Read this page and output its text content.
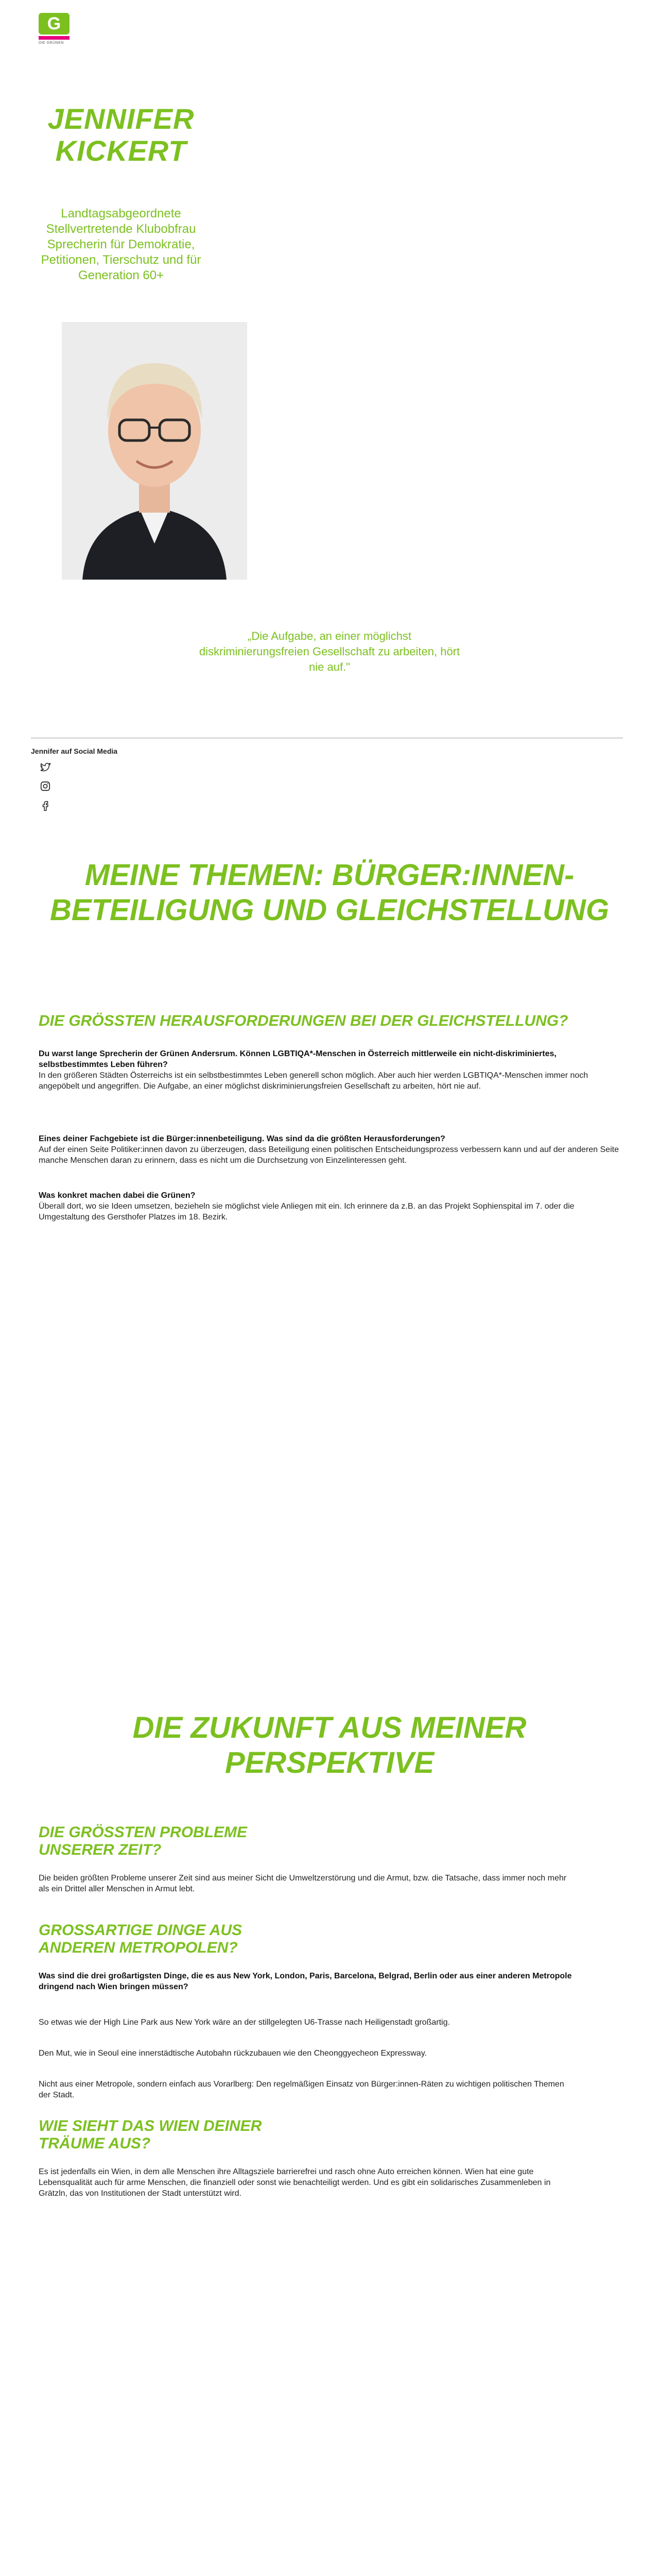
G
DIE GRÜNEN
JENNIFER KICKERT
Landtagsabgeordnete
Stellvertretende Klubobfrau
Sprecherin für Demokratie,
Petitionen, Tierschutz und für
Generation 60+
„Die Aufgabe, an einer möglichst diskriminierungsfreien Gesellschaft zu arbeiten, hört nie auf."
Jennifer auf Social Media
MEINE THEMEN: BÜRGER:INNEN-BETEILIGUNG UND GLEICHSTELLUNG
DIE GRÖSSTEN HERAUSFORDERUNGEN BEI DER GLEICHSTELLUNG?
Du warst lange Sprecherin der Grünen Andersrum. Können LGBTIQA*-Menschen in Österreich mittlerweile ein nicht-diskriminiertes, selbstbestimmtes Leben führen?
In den größeren Städten Österreichs ist ein selbstbestimmtes Leben generell schon möglich. Aber auch hier werden LGBTIQA*-Menschen immer noch angepöbelt und angegriffen. Die Aufgabe, an einer möglichst diskriminierungsfreien Gesellschaft zu arbeiten, hört nie auf.
Eines deiner Fachgebiete ist die Bürger:innenbeteiligung. Was sind da die größten Herausforderungen?
Auf der einen Seite Politiker:innen davon zu überzeugen, dass Beteiligung einen politischen Entscheidungsprozess verbessern kann und auf der anderen Seite manche Menschen daran zu erinnern, dass es nicht um die Durchsetzung von Einzelinteressen geht.
Was konkret machen dabei die Grünen?
Überall dort, wo sie Ideen umsetzen, bezieheln sie möglichst viele Anliegen mit ein. Ich erinnere da z.B. an das Projekt Sophienspital im 7. oder die Umgestaltung des Gersthofer Platzes im 18. Bezirk.
DIE ZUKUNFT AUS MEINER PERSPEKTIVE
DIE GRÖSSTEN PROBLEME UNSERER ZEIT?
Die beiden größten Probleme unserer Zeit sind aus meiner Sicht die Umweltzerstörung und die Armut, bzw. die Tatsache, dass immer noch mehr als ein Drittel aller Menschen in Armut lebt.
GROSSARTIGE DINGE AUS ANDEREN METROPOLEN?
Was sind die drei großartigsten Dinge, die es aus New York, London, Paris, Barcelona, Belgrad, Berlin oder aus einer anderen Metropole dringend nach Wien bringen müssen?
So etwas wie der High Line Park aus New York wäre an der stillgelegten U6-Trasse nach Heiligenstadt großartig.
Den Mut, wie in Seoul eine innerstädtische Autobahn rückzubauen wie den Cheonggyecheon Expressway.
Nicht aus einer Metropole, sondern einfach aus Vorarlberg: Den regelmäßigen Einsatz von Bürger:innen-Räten zu wichtigen politischen Themen der Stadt.
WIE SIEHT DAS WIEN DEINER TRÄUME AUS?
Es ist jedenfalls ein Wien, in dem alle Menschen ihre Alltagsziele barrierefrei und rasch ohne Auto erreichen können. Wien hat eine gute Lebensqualität auch für arme Menschen, die finanziell oder sonst wie benachteiligt werden. Und es gibt ein solidarisches Zusammenleben in Grätzln, das von Institutionen der Stadt unterstützt wird.
